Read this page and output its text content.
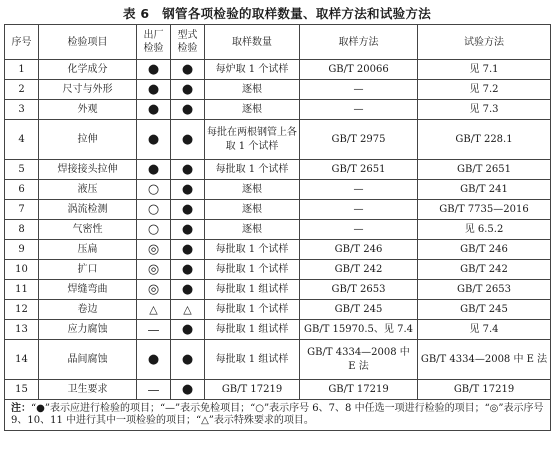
表 6　钢管各项检验的取样数量、取样方法和试验方法
序号	检验项目	出厂检验	型式检验	取样数量	取样方法	试验方法
1	化学成分	●	●	每炉取 1 个试样	GB/T 20066	见 7.1
2	尺寸与外形	●	●	逐根	—	见 7.2
3	外观	●	●	逐根	—	见 7.3
4	拉伸	●	●	每批在两根钢管上各取 1 个试样	GB/T 2975	GB/T 228.1
5	焊接接头拉伸	●	●	每批取 1 个试样	GB/T 2651	GB/T 2651
6	液压	○	●	逐根	—	GB/T 241
7	涡流检测	○	●	逐根	—	GB/T 7735—2016
8	气密性	○	●	逐根	—	见 6.5.2
9	压扁	◎	●	每批取 1 个试样	GB/T 246	GB/T 246
10	扩口	◎	●	每批取 1 个试样	GB/T 242	GB/T 242
11	焊缝弯曲	◎	●	每批取 1 组试样	GB/T 2653	GB/T 2653
12	卷边	△	△	每批取 1 个试样	GB/T 245	GB/T 245
13	应力腐蚀	—	●	每批取 1 组试样	GB/T 15970.5、见 7.4	见 7.4
14	晶间腐蚀	●	●	每批取 1 组试样	GB/T 4334—2008 中 E 法	GB/T 4334—2008 中 E 法
15	卫生要求	—	●	GB/T 17219	GB/T 17219	GB/T 17219
注：“●”表示应进行检验的项目；“—”表示免检项目；“○”表示序号 6、7、8 中任选一项进行检验的项目；“◎”表示序号 9、10、11 中进行其中一项检验的项目；“△”表示特殊要求的项目。						
